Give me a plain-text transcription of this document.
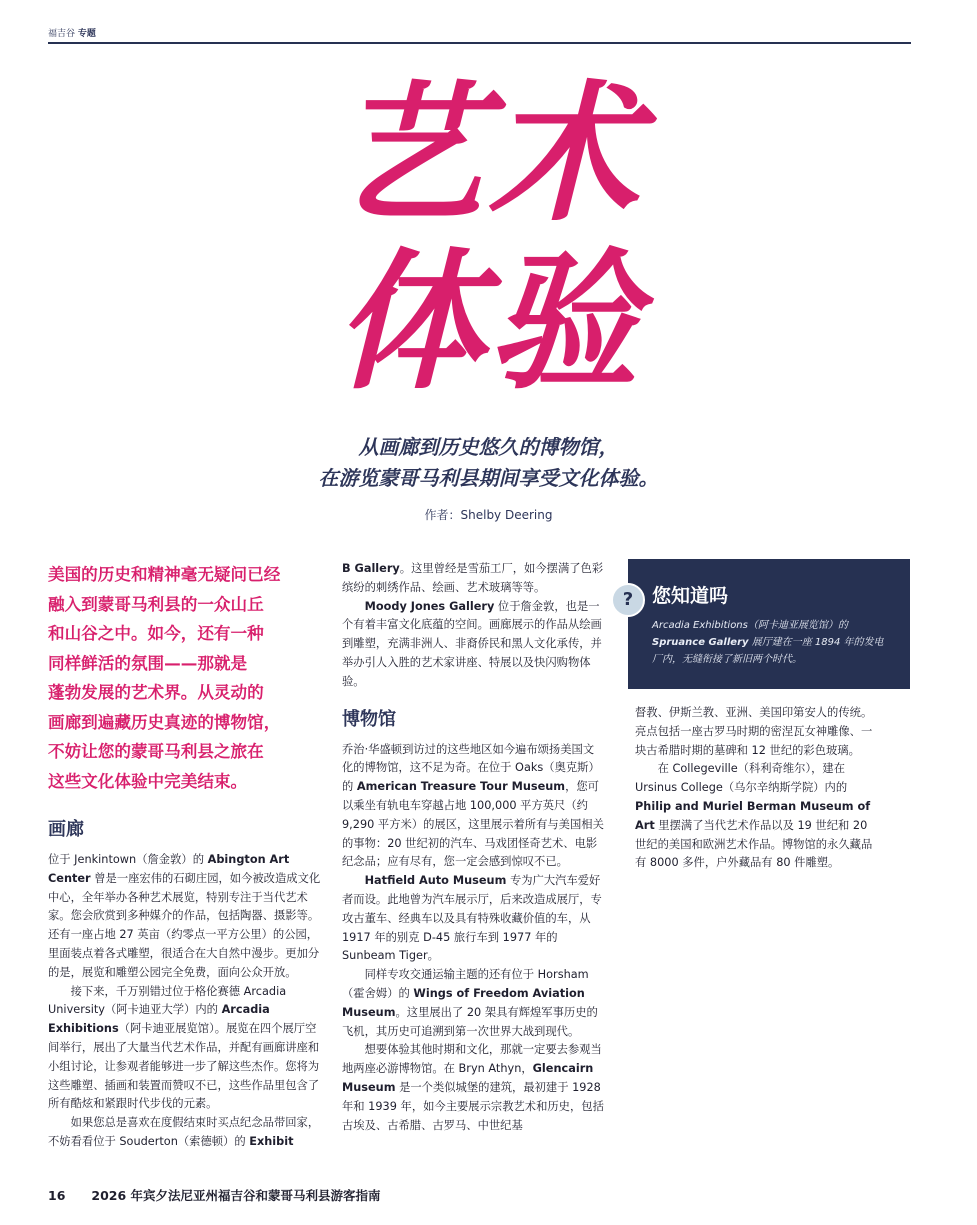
福吉谷 专题
艺术
体验
从画廊到历史悠久的博物馆，
在游览蒙哥马利县期间享受文化体验。
作者：Shelby Deering
美国的历史和精神毫无疑问已经
融入到蒙哥马利县的一众山丘
和山谷之中。如今，还有一种
同样鲜活的氛围——那就是
蓬勃发展的艺术界。从灵动的
画廊到遍藏历史真迹的博物馆，
不妨让您的蒙哥马利县之旅在
这些文化体验中完美结束。
画廊

位于 Jenkintown（詹金敦）的 Abington Art Center 曾是一座宏伟的石砌庄园，如今被改造成文化中心，全年举办各种艺术展览，特别专注于当代艺术家。您会欣赏到多种媒介的作品，包括陶器、摄影等。还有一座占地 27 英亩（约零点一平方公里）的公园，里面装点着各式雕塑，很适合在大自然中漫步。更加分的是，展览和雕塑公园完全免费，面向公众开放。

接下来，千万别错过位于格伦赛德 Arcadia University（阿卡迪亚大学）内的 Arcadia Exhibitions（阿卡迪亚展览馆）。展览在四个展厅空间举行，展出了大量当代艺术作品，并配有画廊讲座和小组讨论，让参观者能够进一步了解这些杰作。您将为这些雕塑、插画和装置而赞叹不已，这些作品里包含了所有酷炫和紧跟时代步伐的元素。

如果您总是喜欢在度假结束时买点纪念品带回家，不妨看看位于 Souderton（索德顿）的 Exhibit

B Gallery。这里曾经是雪茄工厂，如今摆满了色彩缤纷的刺绣作品、绘画、艺术玻璃等等。

Moody Jones Gallery 位于詹金敦，也是一个有着丰富文化底蕴的空间。画廊展示的作品从绘画到雕塑，充满非洲人、非裔侨民和黑人文化承传，并举办引人入胜的艺术家讲座、特展以及快闪购物体验。

博物馆

乔治·华盛顿到访过的这些地区如今遍布颂扬美国文化的博物馆，这不足为奇。在位于 Oaks（奥克斯）的 American Treasure Tour Museum，您可以乘坐有轨电车穿越占地 100,000 平方英尺（约 9,290 平方米）的展区，这里展示着所有与美国相关的事物：20 世纪初的汽车、马戏团怪奇艺术、电影纪念品；应有尽有，您一定会感到惊叹不已。

Hatfield Auto Museum 专为广大汽车爱好者而设。此地曾为汽车展示厅，后来改造成展厅，专攻古董车、经典车以及具有特殊收藏价值的车，从 1917 年的别克 D-45 旅行车到 1977 年的 Sunbeam Tiger。

同样专攻交通运输主题的还有位于 Horsham（霍舍姆）的 Wings of Freedom Aviation Museum。这里展出了 20 架具有辉煌军事历史的飞机，其历史可追溯到第一次世界大战到现代。

想要体验其他时期和文化，那就一定要去参观当地两座必游博物馆。在 Bryn Athyn，Glencairn Museum 是一个类似城堡的建筑，最初建于 1928 年和 1939 年，如今主要展示宗教艺术和历史，包括古埃及、古希腊、古罗马、中世纪基

? 您知道吗
Arcadia Exhibitions（阿卡迪亚展览馆）的 Spruance Gallery 展厅建在一座 1894 年的发电厂内，无缝衔接了新旧两个时代。

督教、伊斯兰教、亚洲、美国印第安人的传统。亮点包括一座古罗马时期的密涅瓦女神雕像、一块古希腊时期的墓碑和 12 世纪的彩色玻璃。

在 Collegeville（科利奇维尔），建在 Ursinus College（乌尔辛纳斯学院）内的 Philip and Muriel Berman Museum of Art 里摆满了当代艺术作品以及 19 世纪和 20 世纪的美国和欧洲艺术作品。博物馆的永久藏品有 8000 多件，户外藏品有 80 件雕塑。

16 2026 年宾夕法尼亚州福吉谷和蒙哥马利县游客指南
